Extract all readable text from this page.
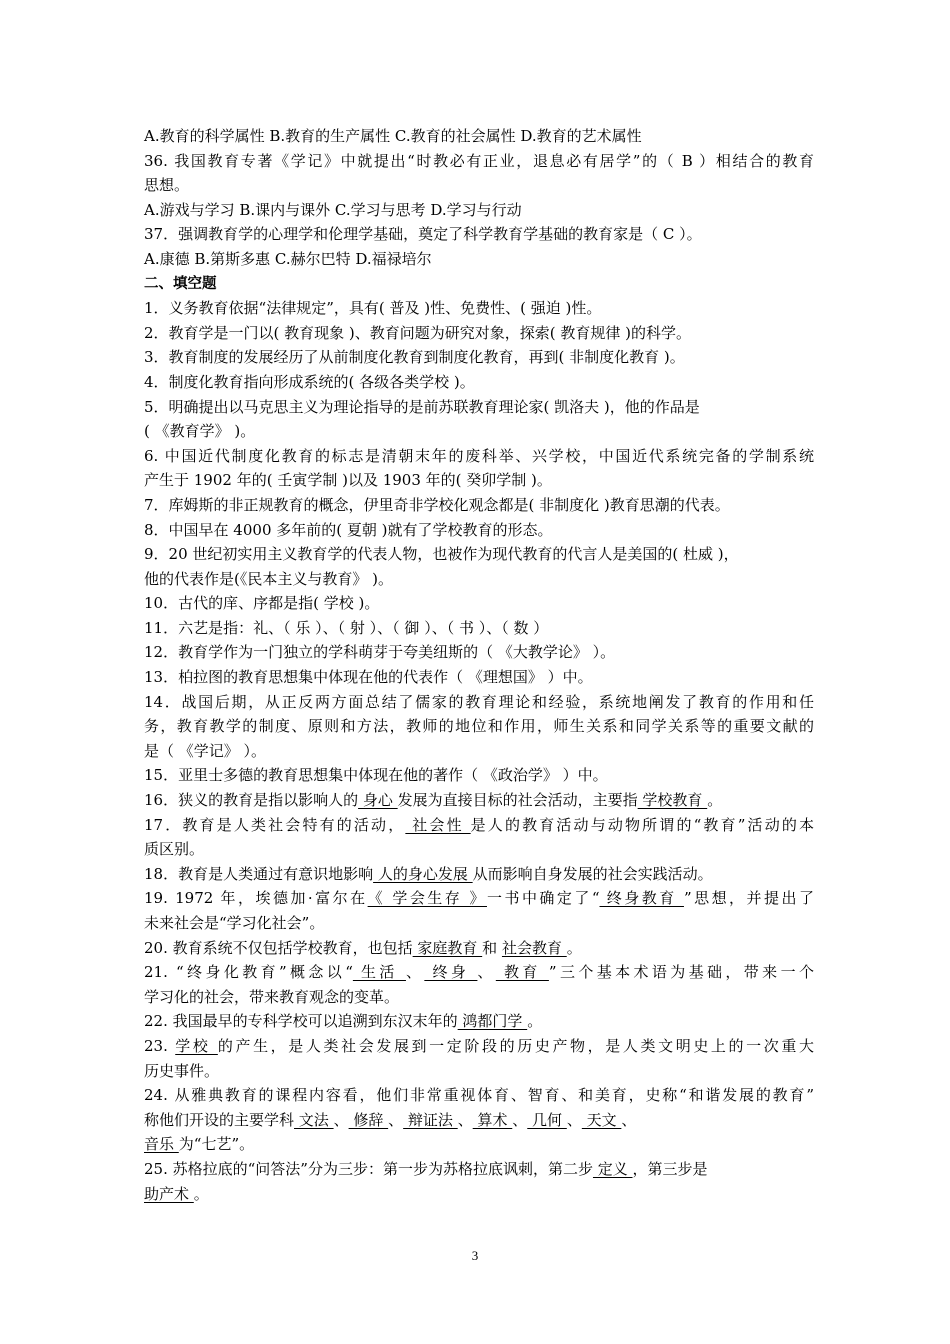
A.教育的科学属性 B.教育的生产属性 C.教育的社会属性 D.教育的艺术属性
36. 我国教育专著《学记》中就提出“时教必有正业，退息必有居学”的（ B ）相结合的教育
思想。
A.游戏与学习 B.课内与课外 C.学习与思考 D.学习与行动
37．强调教育学的心理学和伦理学基础，奠定了科学教育学基础的教育家是（ C ）。
A.康德 B.第斯多惠 C.赫尔巴特 D.福禄培尔
二、填空题
1．义务教育依据“法律规定”，具有( 普及 )性、免费性、( 强迫 )性。
2．教育学是一门以( 教育现象 )、教育问题为研究对象，探索( 教育规律 )的科学。
3．教育制度的发展经历了从前制度化教育到制度化教育，再到( 非制度化教育 )。
4．制度化教育指向形成系统的( 各级各类学校 )。
5．明确提出以马克思主义为理论指导的是前苏联教育理论家( 凯洛夫 )，他的作品是
( 《教育学》 )。
6. 中国近代制度化教育的标志是清朝末年的废科举、兴学校，中国近代系统完备的学制系统
产生于 1902 年的( 壬寅学制 )以及 1903 年的( 癸卯学制 )。
7．库姆斯的非正规教育的概念，伊里奇非学校化观念都是( 非制度化 )教育思潮的代表。
8．中国早在 4000 多年前的( 夏朝 )就有了学校教育的形态。
9．20 世纪初实用主义教育学的代表人物，也被作为现代教育的代言人是美国的( 杜威 )，
他的代表作是(《民本主义与教育》 )。
10．古代的庠、序都是指( 学校 )。
11．六艺是指：礼、（ 乐 ）、（ 射 ）、（ 御 ）、（ 书 ）、（ 数 ）
12．教育学作为一门独立的学科萌芽于夸美纽斯的（ 《大教学论》 ）。
13．柏拉图的教育思想集中体现在他的代表作（ 《理想国》 ）中。
14．战国后期，从正反两方面总结了儒家的教育理论和经验，系统地阐发了教育的作用和任
务，教育教学的制度、原则和方法，教师的地位和作用，师生关系和同学关系等的重要文献的
是（ 《学记》 ）。
15．亚里士多德的教育思想集中体现在他的著作（ 《政治学》 ）中。
16．狭义的教育是指以影响人的 身心 发展为直接目标的社会活动，主要指 学校教育 。
17．教育是人类社会特有的活动， 社会性 是人的教育活动与动物所谓的“教育”活动的本
质区别。
18．教育是人类通过有意识地影响 人的身心发展 从而影响自身发展的社会实践活动。
19. 1972 年，埃德加·富尔在《 学会生存 》一书中确定了“ 终身教育 ”思想，并提出了
未来社会是“学习化社会”。
20. 教育系统不仅包括学校教育，也包括 家庭教育 和 社会教育 。
21. “终身化教育”概念以“ 生活 、 终身 、 教育 ”三个基本术语为基础，带来一个
学习化的社会，带来教育观念的变革。
22. 我国最早的专科学校可以追溯到东汉末年的 鸿都门学 。
23. 学校 的产生，是人类社会发展到一定阶段的历史产物，是人类文明史上的一次重大
历史事件。
24. 从雅典教育的课程内容看，他们非常重视体育、智育、和美育，史称“和谐发展的教育”
称他们开设的主要学科 文法 、 修辞 、 辩证法 、 算术 、 几何 、 天文 、
音乐 为“七艺”。
25. 苏格拉底的“问答法”分为三步：第一步为苏格拉底讽刺，第二步 定义 ，第三步是
助产术 。
3
